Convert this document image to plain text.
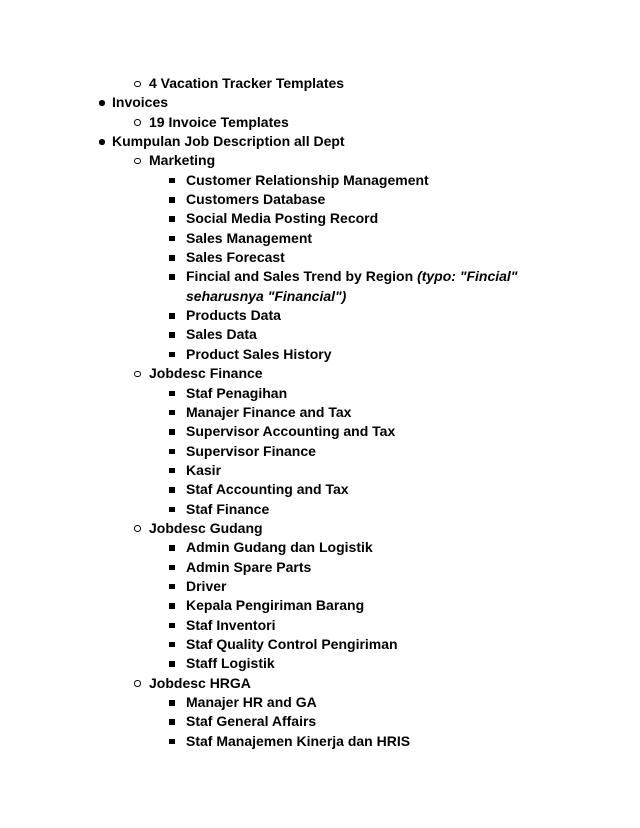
4 Vacation Tracker Templates
Invoices
19 Invoice Templates
Kumpulan Job Description all Dept
Marketing
Customer Relationship Management
Customers Database
Social Media Posting Record
Sales Management
Sales Forecast
Fincial and Sales Trend by Region (typo: "Fincial" seharusnya "Financial")
Products Data
Sales Data
Product Sales History
Jobdesc Finance
Staf Penagihan
Manajer Finance and Tax
Supervisor Accounting and Tax
Supervisor Finance
Kasir
Staf Accounting and Tax
Staf Finance
Jobdesc Gudang
Admin Gudang dan Logistik
Admin Spare Parts
Driver
Kepala Pengiriman Barang
Staf Inventori
Staf Quality Control Pengiriman
Staff Logistik
Jobdesc HRGA
Manajer HR and GA
Staf General Affairs
Staf Manajemen Kinerja dan HRIS
